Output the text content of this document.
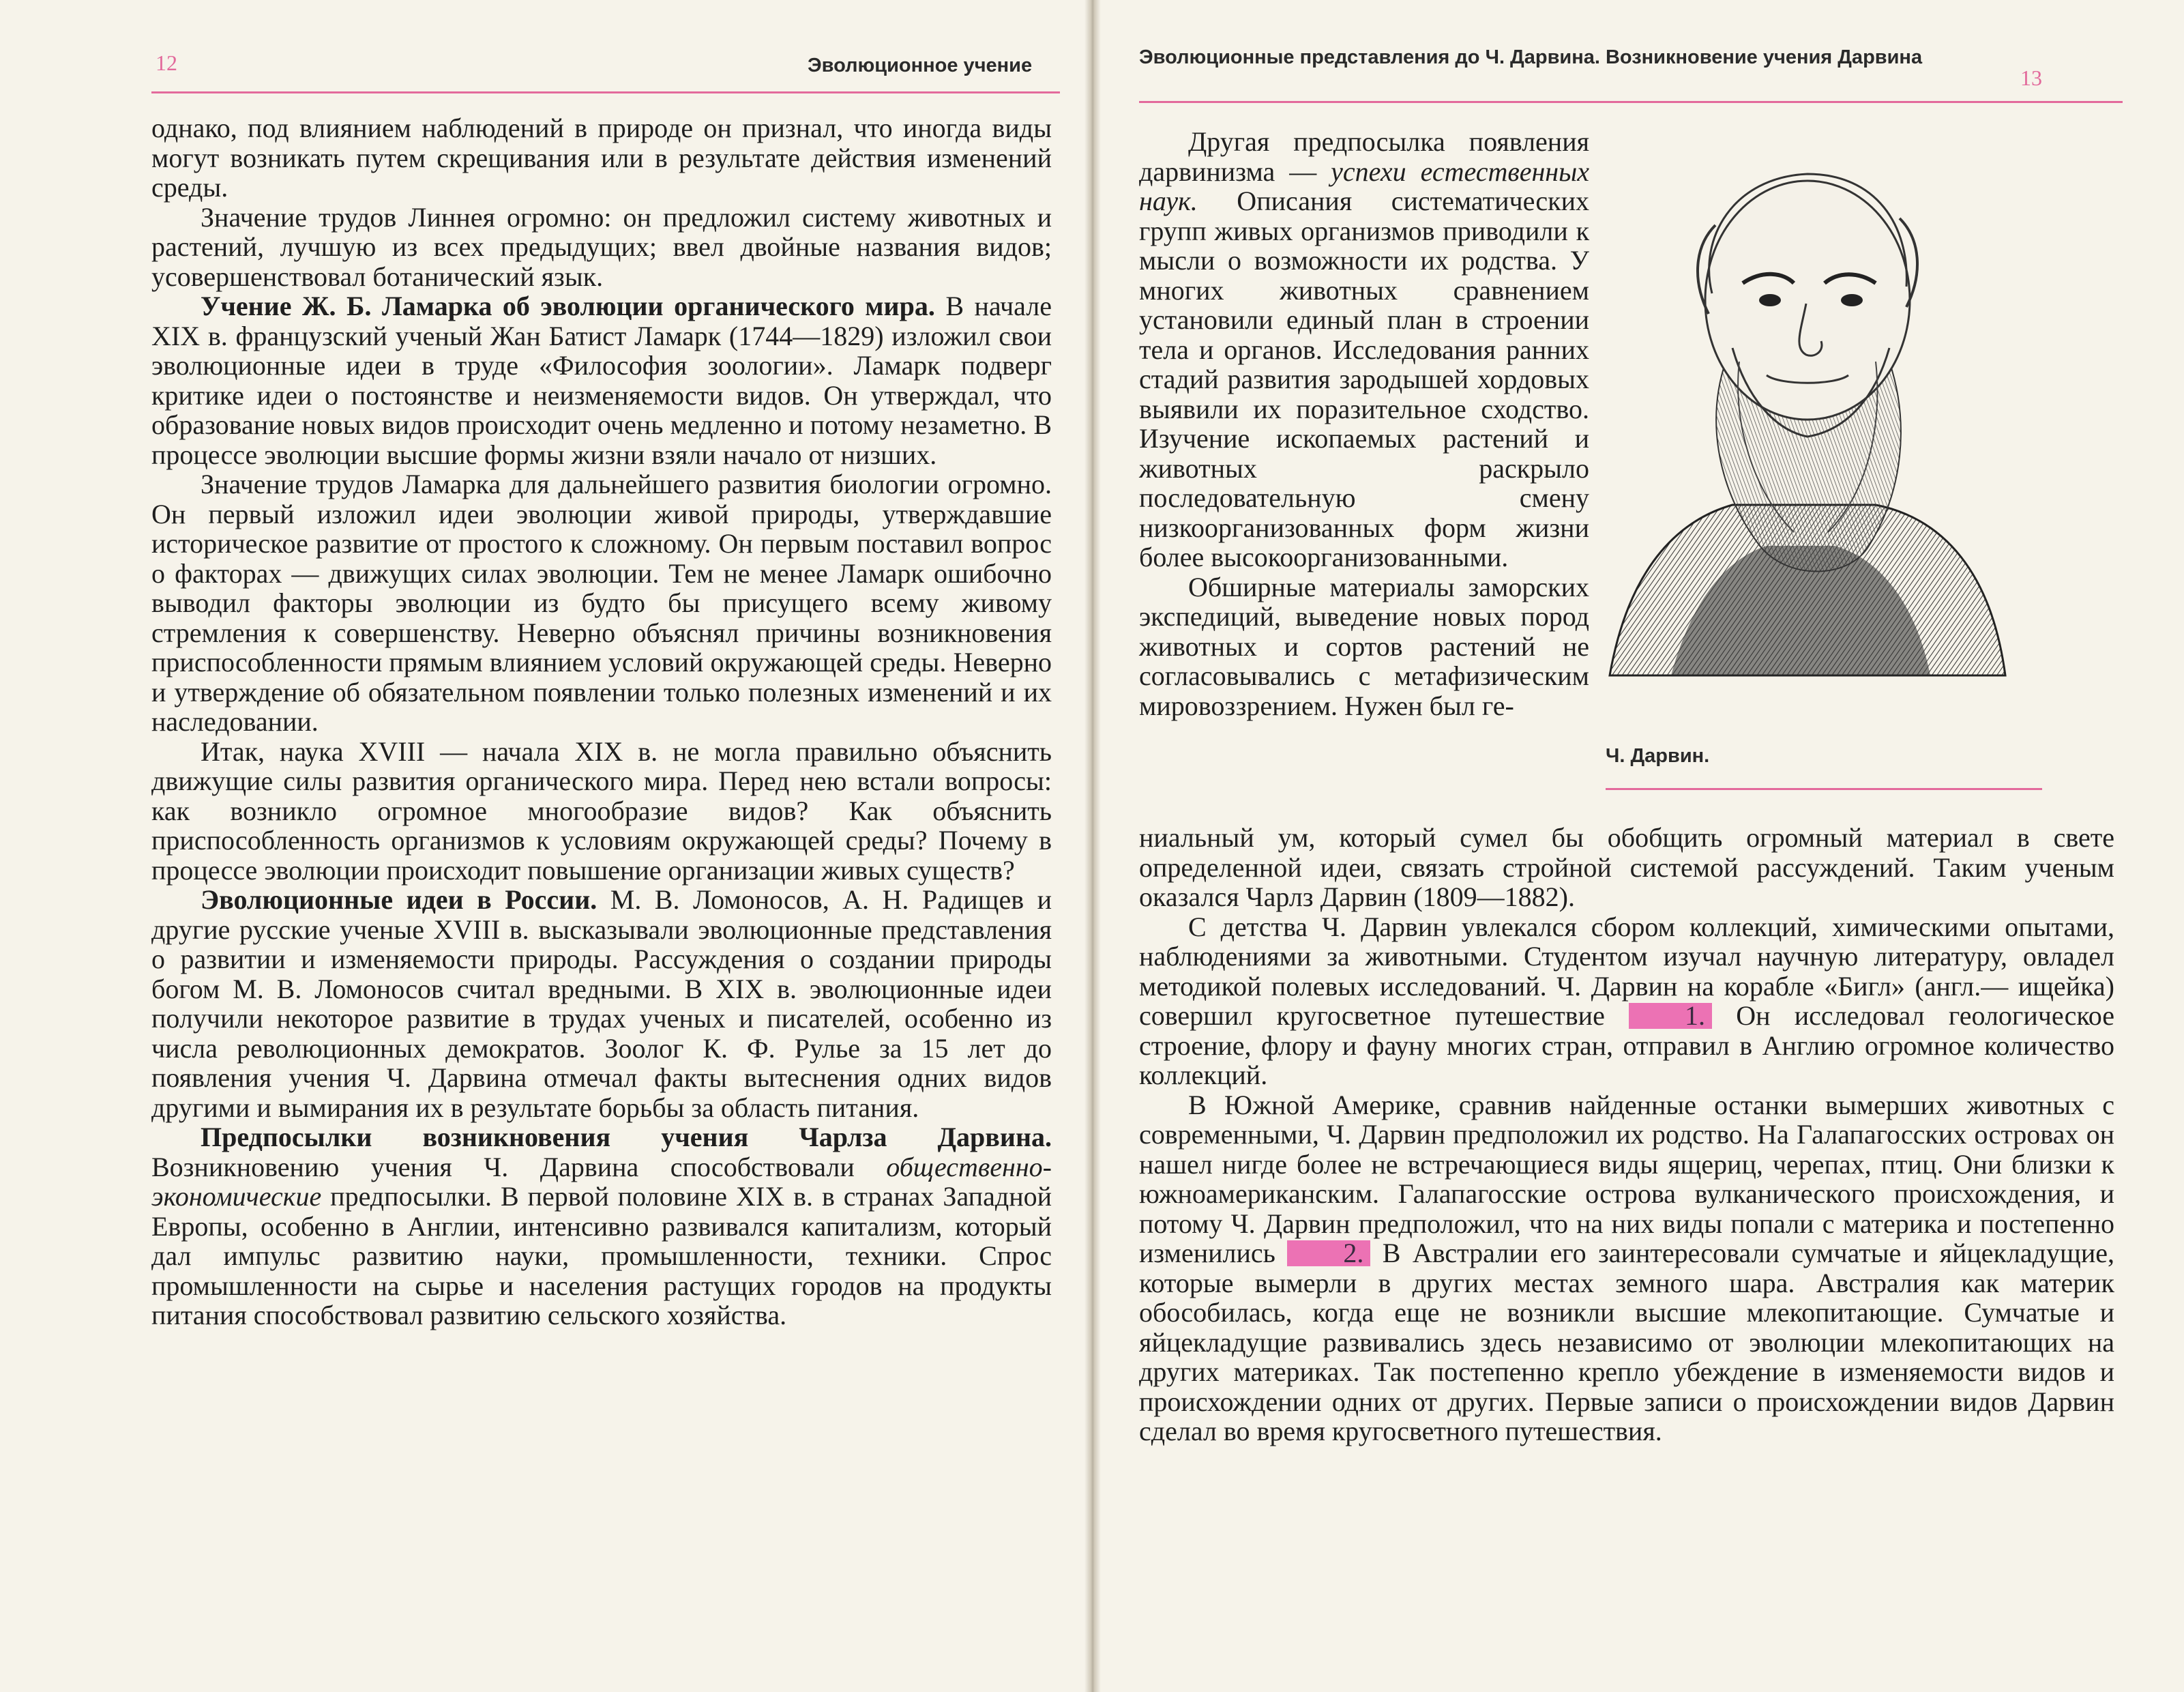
12	Эволюционное учение

однако, под влиянием наблюдений в природе он признал, что иногда виды могут возникать путем скрещивания или в результате действия изменений среды.

Значение трудов Линнея огромно: он предложил систему животных и растений, лучшую из всех предыдущих; ввел двойные названия видов; усовершенствовал ботанический язык.

Учение Ж. Б. Ламарка об эволюции органического мира. В начале XIX в. французский ученый Жан Батист Ламарк (1744—1829) изложил свои эволюционные идеи в труде «Философия зоологии». Ламарк подверг критике идеи о постоянстве и неизменяемости видов. Он утверждал, что образование новых видов происходит очень медленно и потому незаметно. В процессе эволюции высшие формы жизни взяли начало от низших.

Значение трудов Ламарка для дальнейшего развития биологии огромно. Он первый изложил идеи эволюции живой природы, утверждавшие историческое развитие от простого к сложному. Он первым поставил вопрос о факторах — движущих силах эволюции. Тем не менее Ламарк ошибочно выводил факторы эволюции из будто бы присущего всему живому стремления к совершенству. Неверно объяснял причины возникновения приспособленности прямым влиянием условий окружающей среды. Неверно и утверждение об обязательном появлении только полезных изменений и их наследовании.

Итак, наука XVIII — начала XIX в. не могла правильно объяснить движущие силы развития органического мира. Перед нею встали вопросы: как возникло огромное многообразие видов? Как объяснить приспособленность организмов к условиям окружающей среды? Почему в процессе эволюции происходит повышение организации живых существ?

Эволюционные идеи в России. М. В. Ломоносов, А. Н. Радищев и другие русские ученые XVIII в. высказывали эволюционные представления о развитии и изменяемости природы. Рассуждения о создании природы богом М. В. Ломоносов считал вредными. В XIX в. эволюционные идеи получили некоторое развитие в трудах ученых и писателей, особенно из числа революционных демократов. Зоолог К. Ф. Рулье за 15 лет до появления учения Ч. Дарвина отмечал факты вытеснения одних видов другими и вымирания их в результате борьбы за область питания.

Предпосылки возникновения учения Чарлза Дарвина. Возникновению учения Ч. Дарвина способствовали общественно-экономические предпосылки. В первой половине XIX в. в странах Западной Европы, особенно в Англии, интенсивно развивался капитализм, который дал импульс развитию науки, промышленности, техники. Спрос промышленности на сырье и населения растущих городов на продукты питания способствовал развитию сельского хозяйства.

Эволюционные представления до Ч. Дарвина. Возникновение учения Дарвина
13

Другая предпосылка появления дарвинизма — успехи естественных наук. Описания систематических групп живых организмов приводили к мысли о возможности их родства. У многих животных сравнением установили единый план в строении тела и органов. Исследования ранних стадий развития зародышей хордовых выявили их поразительное сходство. Изучение ископаемых растений и животных раскрыло последовательную смену низкоорганизованных форм жизни более высокоорганизованными.

Обширные материалы заморских экспедиций, выведение новых пород животных и сортов растений не согласовывались с метафизическим мировоззрением. Нужен был ге-

ниальный ум, который сумел бы обобщить огромный материал в свете определенной идеи, связать стройной системой рассуждений. Таким ученым оказался Чарлз Дарвин (1809—1882).

С детства Ч. Дарвин увлекался сбором коллекций, химическими опытами, наблюдениями за животными. Студентом изучал научную литературу, овладел методикой полевых исследований. Ч. Дарвин на корабле «Бигл» (англ.— ищейка) совершил кругосветное путешествие 1. Он исследовал геологическое строение, флору и фауну многих стран, отправил в Англию огромное количество коллекций.

В Южной Америке, сравнив найденные останки вымерших животных с современными, Ч. Дарвин предположил их родство. На Галапагосских островах он нашел нигде более не встречающиеся виды ящериц, черепах, птиц. Они близки к южноамериканским. Галапагосские острова вулканического происхождения, и потому Ч. Дарвин предположил, что на них виды попали с материка и постепенно изменились 2. В Австралии его заинтересовали сумчатые и яйцекладущие, которые вымерли в других местах земного шара. Австралия как материк обособилась, когда еще не возникли высшие млекопитающие. Сумчатые и яйцекладущие развивались здесь независимо от эволюции млекопитающих на других материках. Так постепенно крепло убеждение в изменяемости видов и происхождении одних от других. Первые записи о происхождении видов Дарвин сделал во время кругосветного путешествия.

Ч. Дарвин.
